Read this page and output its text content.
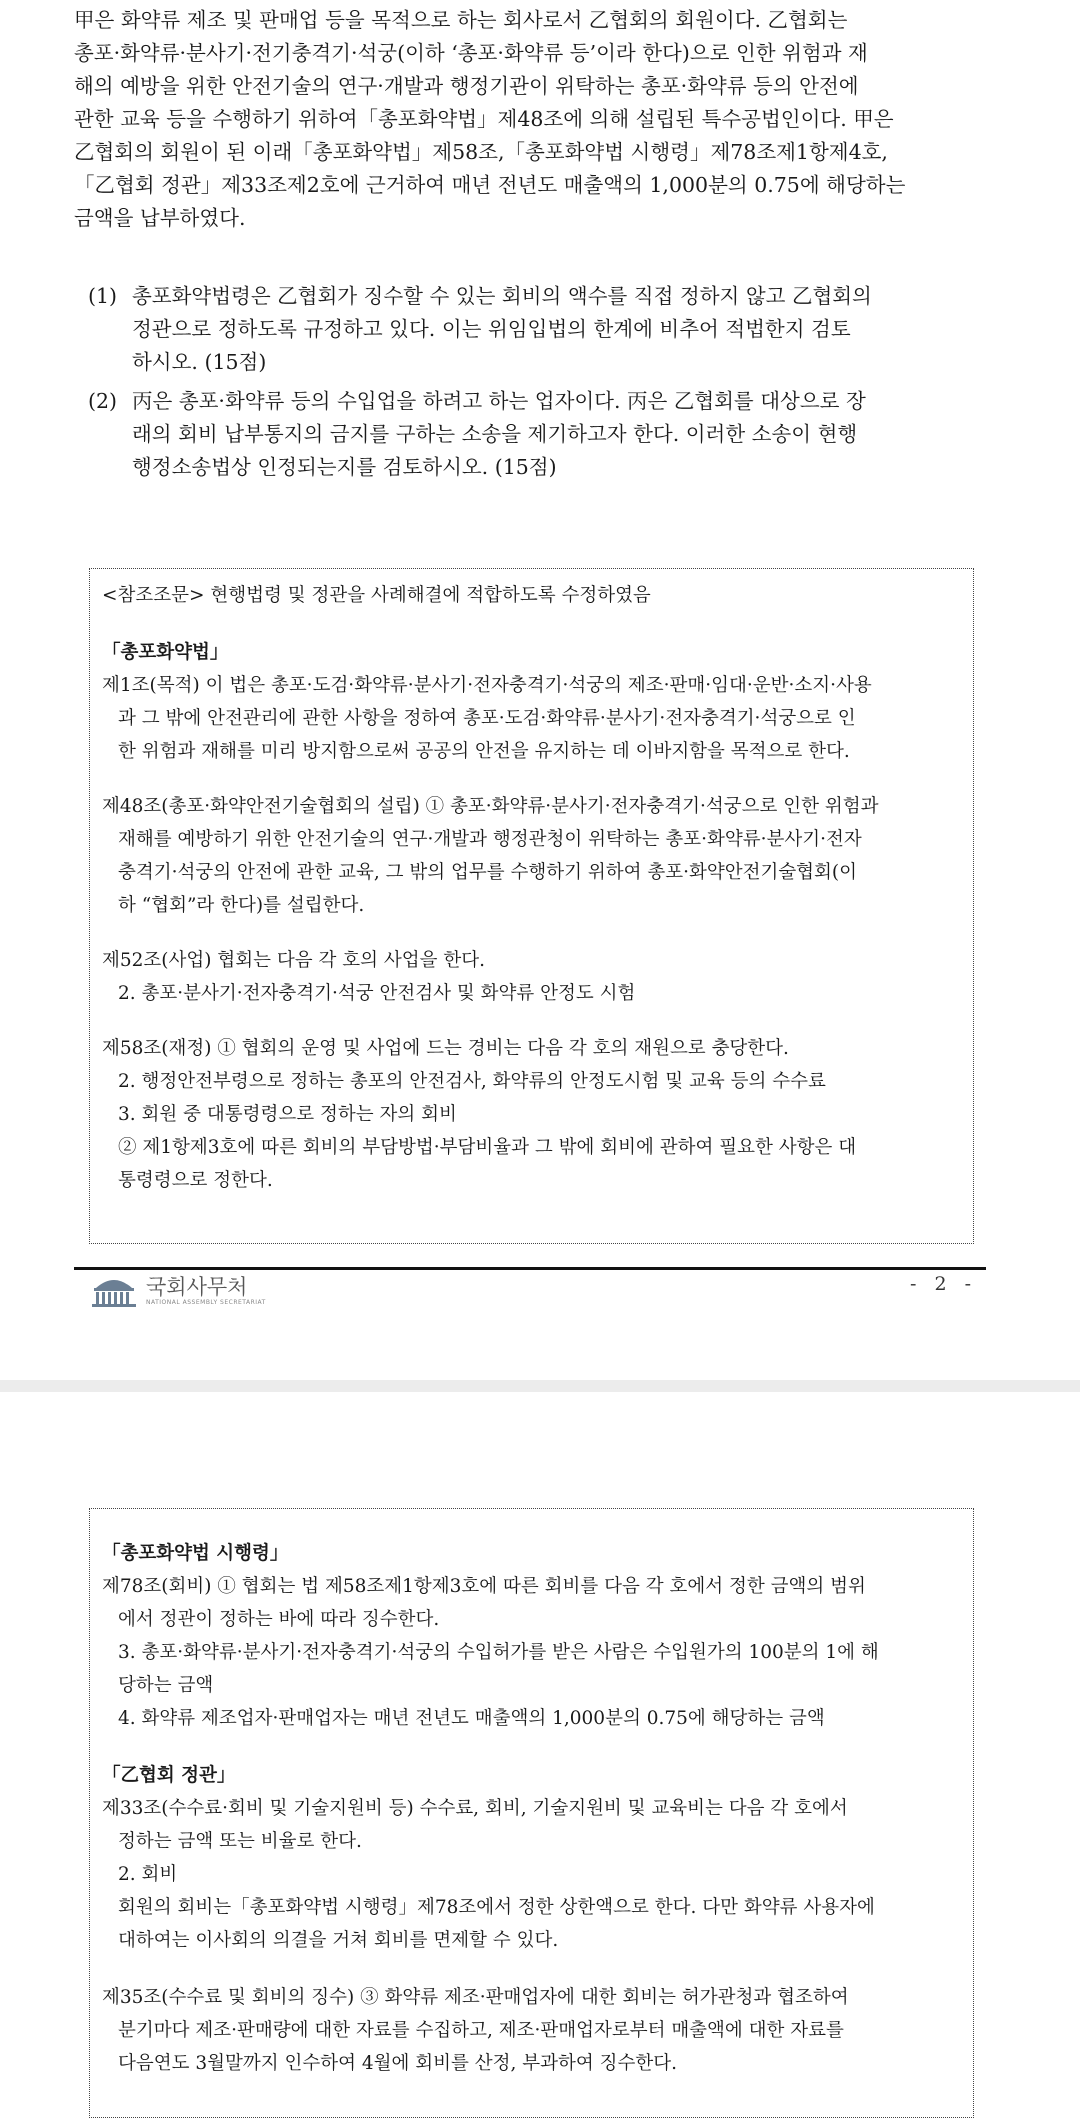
甲은 화약류 제조 및 판매업 등을 목적으로 하는 회사로서 乙협회의 회원이다. 乙협회는
총포·화약류·분사기·전기충격기·석궁(이하 ‘총포·화약류 등’이라 한다)으로 인한 위험과 재
해의 예방을 위한 안전기술의 연구·개발과 행정기관이 위탁하는 총포·화약류 등의 안전에
관한 교육 등을 수행하기 위하여「총포화약법」제48조에 의해 설립된 특수공법인이다. 甲은
乙협회의 회원이 된 이래「총포화약법」제58조,「총포화약법 시행령」제78조제1항제4호,
「乙협회 정관」제33조제2호에 근거하여 매년 전년도 매출액의 1,000분의 0.75에 해당하는
금액을 납부하였다.

(1) 총포화약법령은 乙협회가 징수할 수 있는 회비의 액수를 직접 정하지 않고 乙협회의
정관으로 정하도록 규정하고 있다. 이는 위임입법의 한계에 비추어 적법한지 검토
하시오. (15점)
(2) 丙은 총포·화약류 등의 수입업을 하려고 하는 업자이다. 丙은 乙협회를 대상으로 장
래의 회비 납부통지의 금지를 구하는 소송을 제기하고자 한다. 이러한 소송이 현행
행정소송법상 인정되는지를 검토하시오. (15점)
<참조조문> 현행법령 및 정관을 사례해결에 적합하도록 수정하였음
「총포화약법」
제1조(목적) 이 법은 총포·도검·화약류·분사기·전자충격기·석궁의 제조·판매·임대·운반·소지·사용
과 그 밖에 안전관리에 관한 사항을 정하여 총포·도검·화약류·분사기·전자충격기·석궁으로 인
한 위험과 재해를 미리 방지함으로써 공공의 안전을 유지하는 데 이바지함을 목적으로 한다.
제48조(총포·화약안전기술협회의 설립) ① 총포·화약류·분사기·전자충격기·석궁으로 인한 위험과
재해를 예방하기 위한 안전기술의 연구·개발과 행정관청이 위탁하는 총포·화약류·분사기·전자
충격기·석궁의 안전에 관한 교육, 그 밖의 업무를 수행하기 위하여 총포·화약안전기술협회(이
하 “협회”라 한다)를 설립한다.
제52조(사업) 협회는 다음 각 호의 사업을 한다.
2. 총포·분사기·전자충격기·석궁 안전검사 및 화약류 안정도 시험
제58조(재정) ① 협회의 운영 및 사업에 드는 경비는 다음 각 호의 재원으로 충당한다.
2. 행정안전부령으로 정하는 총포의 안전검사, 화약류의 안정도시험 및 교육 등의 수수료
3. 회원 중 대통령령으로 정하는 자의 회비
② 제1항제3호에 따른 회비의 부담방법·부담비율과 그 밖에 회비에 관하여 필요한 사항은 대
통령령으로 정한다.
국회사무처
NATIONAL ASSEMBLY SECRETARIAT
- 2 -
「총포화약법 시행령」
제78조(회비) ① 협회는 법 제58조제1항제3호에 따른 회비를 다음 각 호에서 정한 금액의 범위
에서 정관이 정하는 바에 따라 징수한다.
3. 총포·화약류·분사기·전자충격기·석궁의 수입허가를 받은 사람은 수입원가의 100분의 1에 해
당하는 금액
4. 화약류 제조업자·판매업자는 매년 전년도 매출액의 1,000분의 0.75에 해당하는 금액
「乙협회 정관」
제33조(수수료·회비 및 기술지원비 등) 수수료, 회비, 기술지원비 및 교육비는 다음 각 호에서
정하는 금액 또는 비율로 한다.
2. 회비
회원의 회비는「총포화약법 시행령」제78조에서 정한 상한액으로 한다. 다만 화약류 사용자에
대하여는 이사회의 의결을 거쳐 회비를 면제할 수 있다.
제35조(수수료 및 회비의 징수) ③ 화약류 제조·판매업자에 대한 회비는 허가관청과 협조하여
분기마다 제조·판매량에 대한 자료를 수집하고, 제조·판매업자로부터 매출액에 대한 자료를
다음연도 3월말까지 인수하여 4월에 회비를 산정, 부과하여 징수한다.
